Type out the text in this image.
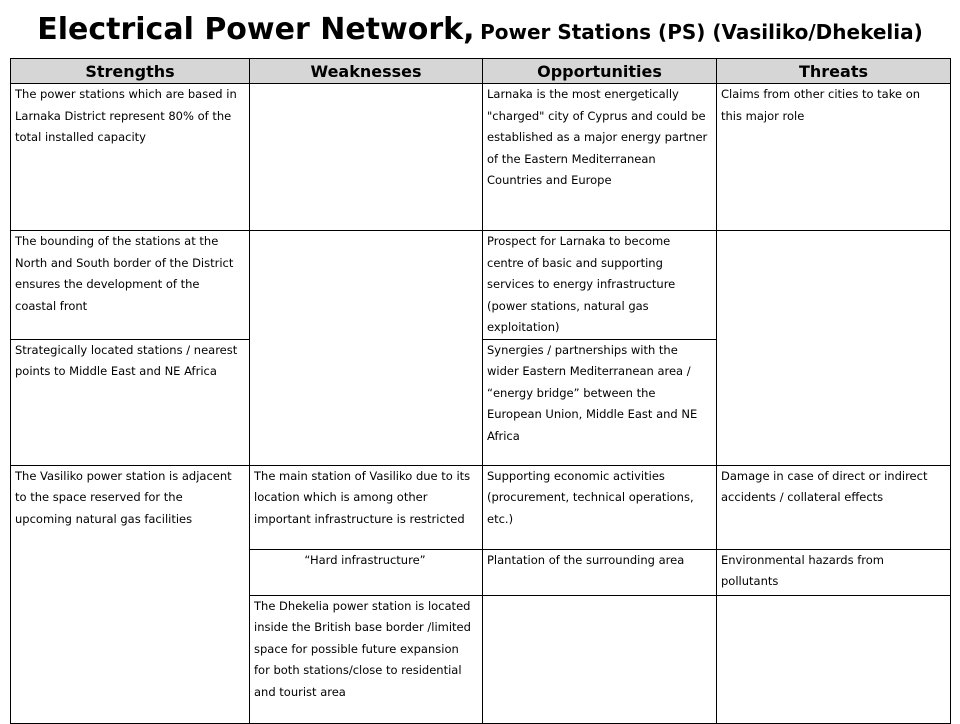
Electrical Power Network, Power Stations (PS) (Vasiliko/Dhekelia)
Strengths	Weaknesses	Opportunities	Threats
The power stations which are based in Larnaka District represent 80% of the total installed capacity		Larnaka is the most energetically "charged" city of Cyprus and could be established as a major energy partner of the Eastern Mediterranean Countries and Europe	Claims from other cities to take on this major role
The bounding of the stations at the North and South border of the District ensures the development of the coastal front		Prospect for Larnaka to become centre of basic and supporting services to energy infrastructure (power stations, natural gas exploitation)	
Strategically located stations / nearest points to Middle East and NE Africa		Synergies / partnerships with the wider Eastern Mediterranean area / “energy bridge” between the European Union, Middle East and NE Africa	
The Vasiliko power station is adjacent to the space reserved for the upcoming natural gas facilities	The main station of Vasiliko due to its location which is among other important infrastructure is restricted	Supporting economic activities (procurement, technical operations, etc.)	Damage in case of direct or indirect accidents / collateral effects
	“Hard infrastructure”	Plantation of the surrounding area	Environmental hazards from pollutants
	The Dhekelia power station is located inside the British base border /limited space for possible future expansion for both stations/close to residential and tourist area		
